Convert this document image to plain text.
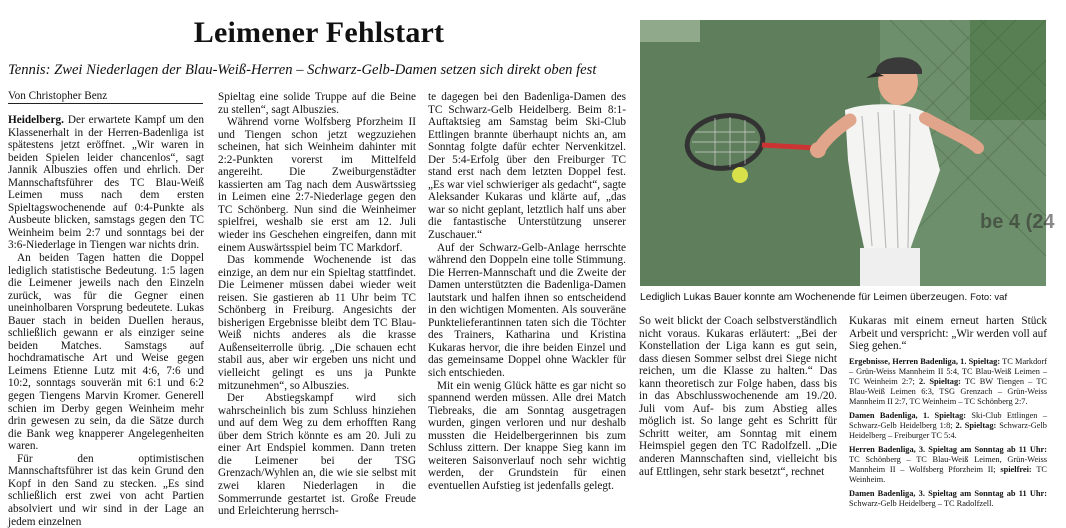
Leimener Fehlstart

Tennis: Zwei Niederlagen der Blau-Weiß-Herren – Schwarz-Gelb-Damen setzen sich direkt oben fest

Von Christopher Benz

Heidelberg. Der erwartete Kampf um den Klassenerhalt in der Herren-Badenliga ist spätestens jetzt eröffnet. „Wir waren in beiden Spielen leider chancenlos“, sagt Jannik Albuszies offen und ehrlich. Der Mannschaftsführer des TC Blau-Weiß Leimen muss nach dem ersten Spieltagswochenende auf 0:4-Punkte als Ausbeute blicken, samstags gegen den TC Weinheim beim 2:7 und sonntags bei der 3:6-Niederlage in Tiengen war nichts drin.

An beiden Tagen hatten die Doppel lediglich statistische Bedeutung. 1:5 lagen die Leimener jeweils nach den Einzeln zurück, was für die Gegner einen uneinholbaren Vorsprung bedeutete. Lukas Bauer stach in beiden Duellen heraus, schließlich gewann er als einziger seine beiden Matches. Samstags auf hochdramatische Art und Weise gegen Leimens Etienne Lutz mit 4:6, 7:6 und 10:2, sonntags souverän mit 6:1 und 6:2 gegen Tiengens Marvin Kromer. Generell schien im Derby gegen Weinheim mehr drin gewesen zu sein, da die Sätze durch die Bank weg knapperer Angelegenheiten waren.

Für den optimistischen Mannschaftsführer ist das kein Grund den Kopf in den Sand zu stecken. „Es sind schließlich erst zwei von acht Partien absolviert und wir sind in der Lage an jedem einzelnen

Spieltag eine solide Truppe auf die Beine zu stellen“, sagt Albuszies.

Während vorne Wolfsberg Pforzheim II und Tiengen schon jetzt wegzuziehen scheinen, hat sich Weinheim dahinter mit 2:2-Punkten vorerst im Mittelfeld angereiht. Die Zweiburgenstädter kassierten am Tag nach dem Auswärtssieg in Leimen eine 2:7-Niederlage gegen den TC Schönberg. Nun sind die Weinheimer spielfrei, weshalb sie erst am 12. Juli wieder ins Geschehen eingreifen, dann mit einem Auswärtsspiel beim TC Markdorf.

Das kommende Wochenende ist das einzige, an dem nur ein Spieltag stattfindet. Die Leimener müssen dabei wieder weit reisen. Sie gastieren ab 11 Uhr beim TC Schönberg in Freiburg. Angesichts der bisherigen Ergebnisse bleibt dem TC Blau-Weiß nichts anderes als die krasse Außenseiterrolle übrig. „Die schauen echt stabil aus, aber wir ergeben uns nicht und vielleicht gelingt es uns ja Punkte mitzunehmen“, so Albuszies.

Der Abstiegskampf wird sich wahrscheinlich bis zum Schluss hinziehen und auf dem Weg zu dem erhofften Rang über dem Strich könnte es am 20. Juli zu einer Art Endspiel kommen. Dann treten die Leimener bei der TSG Grenzach/Wyhlen an, die wie sie selbst mit zwei klaren Niederlagen in die Sommerrunde gestartet ist. Große Freude und Erleichterung herrsch-

te dagegen bei den Badenliga-Damen des TC Schwarz-Gelb Heidelberg. Beim 8:1-Auftaktsieg am Samstag beim Ski-Club Ettlingen brannte überhaupt nichts an, am Sonntag folgte dafür echter Nervenkitzel. Der 5:4-Erfolg über den Freiburger TC stand erst nach dem letzten Doppel fest. „Es war viel schwieriger als gedacht“, sagte Aleksander Kukaras und klärte auf, „das war so nicht geplant, letztlich half uns aber die fantastische Unterstützung unserer Zuschauer.“

Auf der Schwarz-Gelb-Anlage herrschte während den Doppeln eine tolle Stimmung. Die Herren-Mannschaft und die Zweite der Damen unterstützten die Badenliga-Damen lautstark und halfen ihnen so entscheidend in den wichtigen Momenten. Als souveräne Punktelieferantinnen taten sich die Töchter des Trainers, Katharina und Kristina Kukaras hervor, die ihre beiden Einzel und das gemeinsame Doppel ohne Wackler für sich entschieden.

Mit ein wenig Glück hätte es gar nicht so spannend werden müssen. Alle drei Match Tiebreaks, die am Sonntag ausgetragen wurden, gingen verloren und nur deshalb mussten die Heidelbergerinnen bis zum Schluss zittern. Der knappe Sieg kann im weiteren Saisonverlauf noch sehr wichtig werden, der Grundstein für einen eventuellen Aufstieg ist jedenfalls gelegt.

be 4 (24

Lediglich Lukas Bauer konnte am Wochenende für Leimen überzeugen. Foto: vaf

So weit blickt der Coach selbstverständlich nicht voraus. Kukaras erläutert: „Bei der Konstellation der Liga kann es gut sein, dass diesen Sommer selbst drei Siege nicht reichen, um die Klasse zu halten.“ Das kann theoretisch zur Folge haben, dass bis in das Abschlusswochenende am 19./20. Juli vom Auf- bis zum Abstieg alles möglich ist. So lange geht es Schritt für Schritt weiter, am Sonntag mit einem Heimspiel gegen den TC Radolfzell. „Die anderen Mannschaften sind, vielleicht bis auf Ettlingen, sehr stark besetzt“, rechnet

Kukaras mit einem erneut harten Stück Arbeit und verspricht: „Wir werden voll auf Sieg gehen.“

Ergebnisse, Herren Badenliga, 1. Spieltag: TC Markdorf – Grün-Weiss Mannheim II 5:4, TC Blau-Weiß Leimen – TC Weinheim 2:7; 2. Spieltag: TC BW Tiengen – TC Blau-Weiß Leimen 6:3, TSG Grenzach – Grün-Weiss Mannheim II 2:7, TC Weinheim – TC Schönberg 2:7.

Damen Badenliga, 1. Spieltag: Ski-Club Ettlingen – Schwarz-Gelb Heidelberg 1:8; 2. Spieltag: Schwarz-Gelb Heidelberg – Freiburger TC 5:4.

Herren Badenliga, 3. Spieltag am Sonntag ab 11 Uhr: TC Schönberg – TC Blau-Weiß Leimen, Grün-Weiss Mannheim II – Wolfsberg Pforzheim II; spielfrei: TC Weinheim.

Damen Badenliga, 3. Spieltag am Sonntag ab 11 Uhr: Schwarz-Gelb Heidelberg – TC Radolfzell.
